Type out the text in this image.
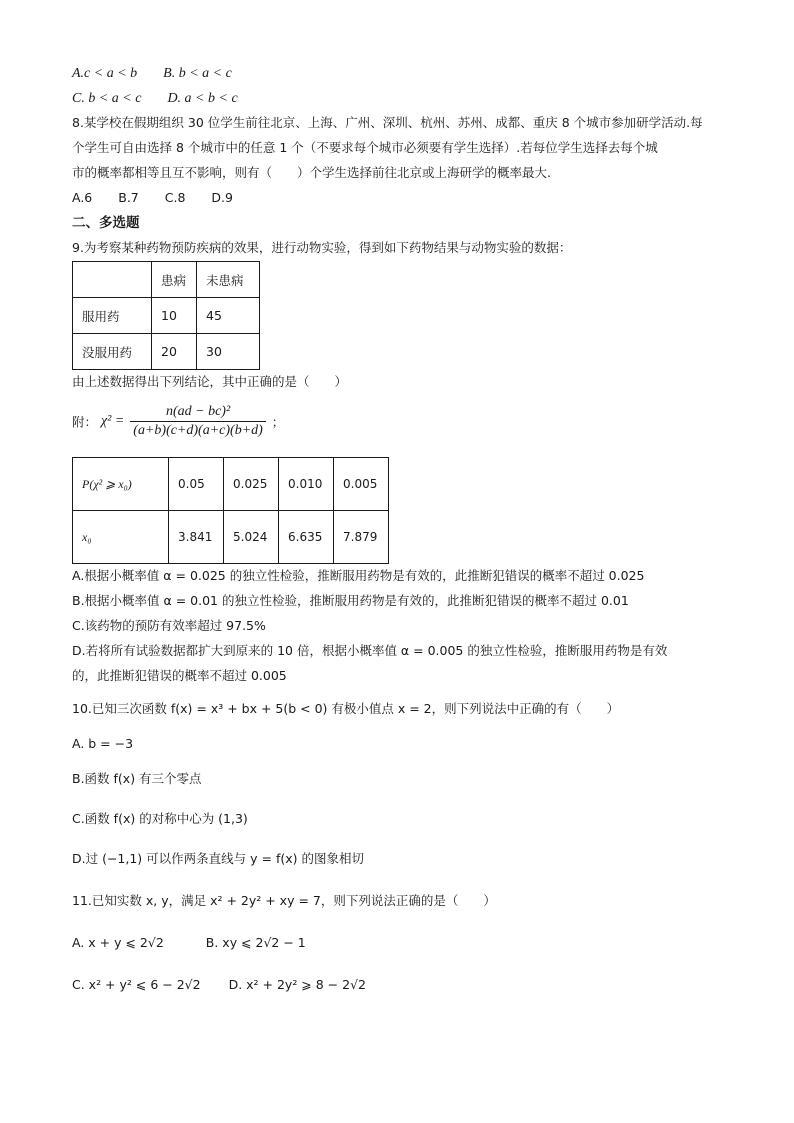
A.c < a < b B. b < a < c
C. b < a < c D. a < b < c
8.某学校在假期组织 30 位学生前往北京、上海、广州、深圳、杭州、苏州、成都、重庆 8 个城市参加研学活动.每
个学生可自由选择 8 个城市中的任意 1 个（不要求每个城市必须要有学生选择）.若每位学生选择去每个城
市的概率都相等且互不影响，则有（　　）个学生选择前往北京或上海研学的概率最大.
A.6 B.7 C.8 D.9
二、多选题
9.为考察某种药物预防疾病的效果，进行动物实验，得到如下药物结果与动物实验的数据：
	患病	未患病
服用药	10	45
没服用药	20	30
由上述数据得出下列结论，其中正确的是（　　）
附： $\chi^2 = \frac{\text{n(ad − bc)²}}{(a+b)(c+d)(a+c)(b+d)}$ ；
P(χ² ⩾ x₀)	0.05	0.025	0.010	0.005
x₀	3.841	5.024	6.635	7.879
A.根据小概率值 α = 0.025 的独立性检验，推断服用药物是有效的，此推断犯错误的概率不超过 0.025
B.根据小概率值 α = 0.01 的独立性检验，推断服用药物是有效的，此推断犯错误的概率不超过 0.01
C.该药物的预防有效率超过 97.5%
D.若将所有试验数据都扩大到原来的 10 倍，根据小概率值 α = 0.005 的独立性检验，推断服用药物是有效
的，此推断犯错误的概率不超过 0.005
10.已知三次函数 f(x) = x³ + bx + 5(b < 0) 有极小值点 x = 2，则下列说法中正确的有（　　）
A. b = −3
B.函数 f(x) 有三个零点
C.函数 f(x) 的对称中心为 (1,3)
D.过 (−1,1) 可以作两条直线与 y = f(x) 的图象相切
11.已知实数 x, y，满足 x² + 2y² + xy = 7，则下列说法正确的是（　　）
A. x + y ⩽ 2√2	B. xy ⩽ 2√2 − 1
C. x² + y² ⩽ 6 − 2√2 D. x² + 2y² ⩾ 8 − 2√2
